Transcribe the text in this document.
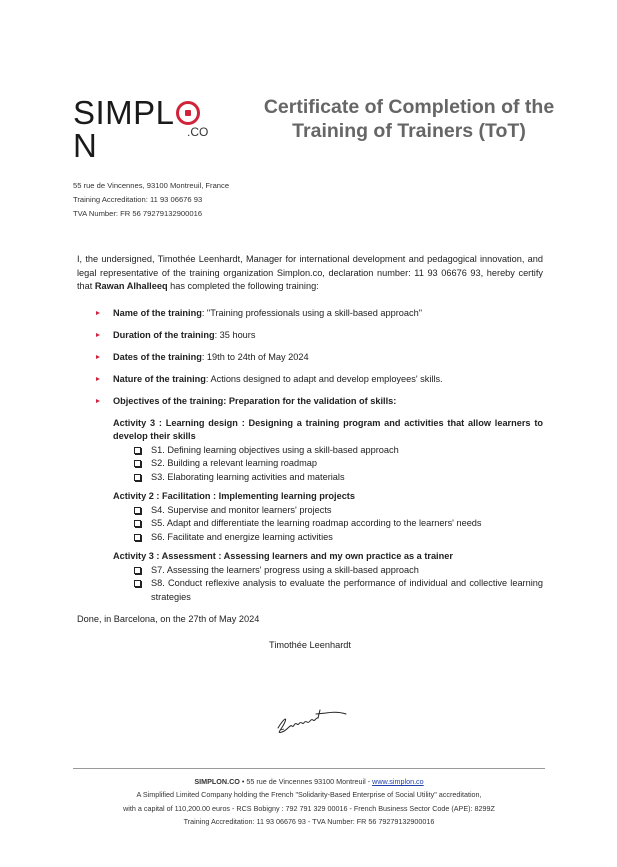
SIMPLN	.CO
Certificate of Completion of the Training of Trainers (ToT)
55 rue de Vincennes, 93100 Montreuil, France
Training Accreditation: 11 93 06676 93
TVA Number: FR 56 79279132900016

I, the undersigned, Timothée Leenhardt, Manager for international development and pedagogical innovation, and legal representative of the training organization Simplon.co, declaration number: 11 93 06676 93, hereby certify that Rawan Alhalleeq has completed the following training:

Name of the training: "Training professionals using a skill-based approach"
Duration of the training: 35 hours
Dates of the training: 19th to 24th of May 2024
Nature of the training: Actions designed to adapt and develop employees' skills.
Objectives of the training: Preparation for the validation of skills:
Activity 3 : Learning design : Designing a training program and activities that allow learners to develop their skills
S1. Defining learning objectives using a skill-based approach
S2. Building a relevant learning roadmap
S3. Elaborating learning activities and materials
Activity 2 : Facilitation : Implementing learning projects
S4. Supervise and monitor learners' projects
S5. Adapt and differentiate the learning roadmap according to the learners' needs
S6. Facilitate and energize learning activities
Activity 3 : Assessment : Assessing learners and my own practice as a trainer
S7. Assessing the learners' progress using a skill-based approach
S8. Conduct reflexive analysis to evaluate the performance of individual and collective learning strategies
Done, in Barcelona, on the 27th of May 2024
Timothée Leenhardt
SIMPLON.CO • 55 rue de Vincennes 93100 Montreuil - www.simplon.co
A Simplified Limited Company holding the French "Solidarity-Based Enterprise of Social Utility" accreditation,
with a capital of 110,200.00 euros - RCS Bobigny : 792 791 329 00016 - French Business Sector Code (APE): 8299Z
Training Accreditation: 11 93 06676 93 - TVA Number: FR 56 79279132900016
